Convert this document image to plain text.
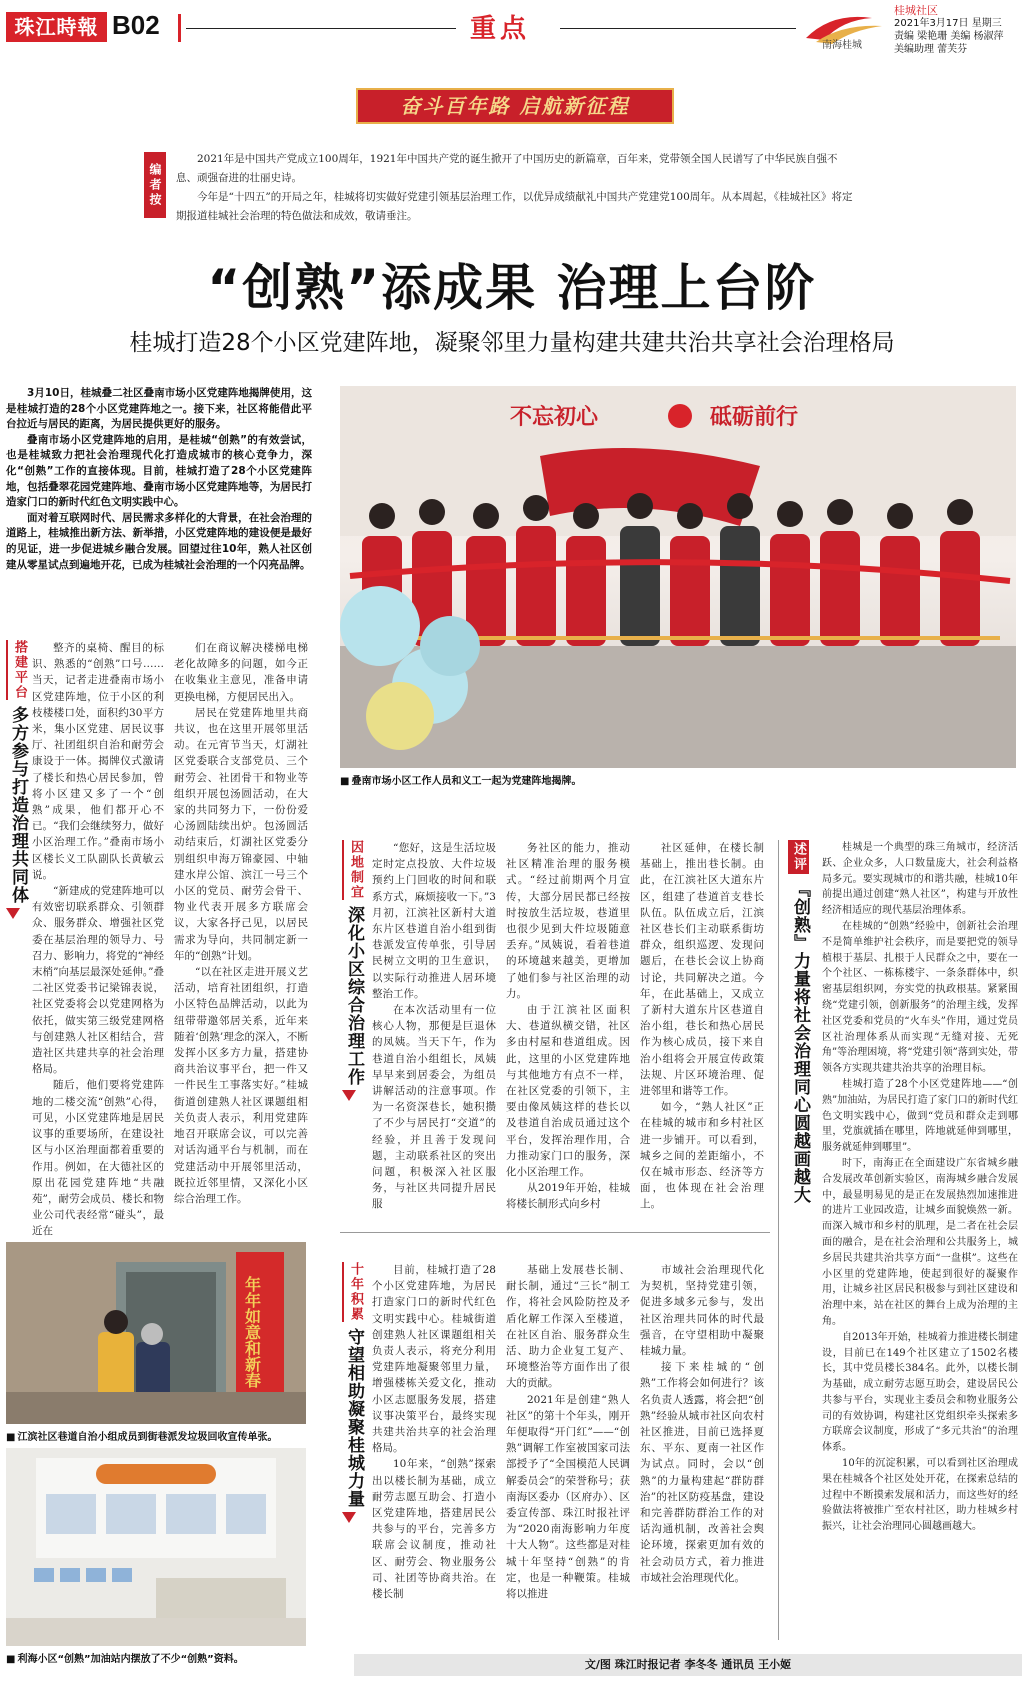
珠江時報 B02	重点
南海桂城
桂城社区
2021年3月17日 星期三
责编 梁艳珊 美编 杨淑萍
美编助理 蕾芙芬
奋斗百年路 启航新征程
编者按

2021年是中国共产党成立100周年，1921年中国共产党的诞生掀开了中国历史的新篇章，百年来，党带领全国人民谱写了中华民族自强不息、顽强奋进的壮丽史诗。

今年是“十四五”的开局之年，桂城将切实做好党建引领基层治理工作，以优异成绩献礼中国共产党建党100周年。从本周起，《桂城社区》将定期报道桂城社会治理的特色做法和成效，敬请垂注。

“创熟”添成果 治理上台阶
桂城打造28个小区党建阵地，凝聚邻里力量构建共建共治共享社会治理格局

3月10日，桂城叠二社区叠南市场小区党建阵地揭牌使用，这是桂城打造的28个小区党建阵地之一。接下来，社区将能借此平台拉近与居民的距离，为居民提供更好的服务。

叠南市场小区党建阵地的启用，是桂城“创熟”的有效尝试，也是桂城致力把社会治理现代化打造成城市的核心竞争力，深化“创熟”工作的直接体现。目前，桂城打造了28个小区党建阵地，包括叠翠花园党建阵地、叠南市场小区党建阵地等，为居民打造家门口的新时代红色文明实践中心。

面对着互联网时代、居民需求多样化的大背景，在社会治理的道路上，桂城推出新方法、新举措，小区党建阵地的建设便是最好的见证，进一步促进城乡融合发展。回望过往10年，熟人社区创建从零星试点到遍地开花，已成为桂城社会治理的一个闪亮品牌。

不忘初心	砥砺前行
■ 叠南市场小区工作人员和义工一起为党建阵地揭牌。
搭建平台
多方参与打造治理共同体

整齐的桌椅、醒目的标识、熟悉的“创熟”口号……当天，记者走进叠南市场小区党建阵地，位于小区的利枝楼楼口处，面积约30平方米，集小区党建、居民议事厅、社团组织自治和耐劳会康设于一体。揭牌仪式激请了楼长和热心居民参加，曾将小区建又多了一个“创熟”成果，他们都开心不已。“我们会继续努力，做好小区治理工作。”叠南市场小区楼长义工队副队长黄敏云说。

“新建成的党建阵地可以有效密切联系群众、引领群众、服务群众、增强社区党委在基层治理的领导力、号召力、影响力，将党的“神经末梢”向基层最深处延伸。”叠二社区党委书记梁锦表说，社区党委将会以党建网格为依托，做实第三级党建网格与创建熟人社区相结合，营造社区共建共享的社会治理格局。

随后，他们要将党建阵地的二楼交流“创熟”心得，可见，小区党建阵地是居民议事的重要场所，在建设社区与小区治理面都着重要的作用。例如，在大德社区的原出花园党建阵地“共融苑”，耐劳会成员、楼长和物业公司代表经常“碰头”，最近在

们在商议解决楼梯电梯老化故障多的问题，如今正在收集业主意见，准备申请更换电梯，方便居民出入。

居民在党建阵地里共商共议，也在这里开展邻里活动。在元宵节当天，灯湖社区党委联合支部党员、三个耐劳会、社团骨干和物业等组织开展包汤圆活动，在大家的共同努力下，一份份爱心汤圆陆续出炉。包汤圆活动结束后，灯湖社区党委分别组织申海万锦豪园、中轴建水岸公馆、滨江一号三个小区的党员、耐劳会骨干、物业代表开展多方联席会议，大家各抒己见，以居民需求为导向，共同制定新一年的“创熟”计划。

“以在社区走进开展义艺活动，培育社团组织，打造小区特色品牌活动，以此为纽带带邀邻居关系，近年来随着‘创熟’理念的深入，不断发挥小区多方力量，搭建协商共治议事平台，把一件又一件民生工事落实好。”桂城街道创建熟人社区课题组相关负责人表示，利用党建阵地召开联席会议，可以完善对话沟通平台与机制，而在党建活动中开展邻里活动，既拉近邻里情，又深化小区综合治理工作。

因地制宜
深化小区综合治理工作

“您好，这是生活垃圾定时定点投放、大件垃圾预约上门回收的时间和联系方式，麻烦接收一下。”3月初，江滨社区新村大道东片区巷道自治小组到街巷派发宣传单张，引导居民树立文明的卫生意识，以实际行动推进人居环境整治工作。

在本次活动里有一位核心人物，那便是巨退休的凤姨。当天下午，作为巷道自治小组组长，凤姨早早来到居委会，为组员讲解活动的注意事项。作为一名资深巷长，她积攒了不少与居民打“交道”的经验，并且善于发现问题，主动联系社区的突出问题，积极深入社区服务，与社区共同提升居民服

务社区的能力，推动社区精准治理的服务模式。“经过前期两个月宣传，大部分居民都已经按时按放生活垃圾，巷道里也很少见到大件垃圾随意丢弃。”凤姨说，看着巷道的环境越来越美，更增加了她们参与社区治理的动力。

由于江滨社区面积大、巷道纵横交错，社区多由村屋和巷道组成。因此，这里的小区党建阵地与其他地方有点不一样，在社区党委的引领下，主要由像凤姨这样的巷长以及巷道自治成员通过这个平台，发挥治理作用，合力推动家门口的服务，深化小区治理工作。

从2019年开始，桂城将楼长制形式向乡村

社区延伸，在楼长制基础上，推出巷长制。由此，在江滨社区大道东片区，组建了巷道首支巷长队伍。队伍成立后，江滨社区巷长们主动联系街坊群众，组织巡逻、发现问题后，在巷长会议上协商讨论，共同解决之道。今年，在此基础上，又成立了新村大道东片区巷道自治小组，巷长和热心居民作为核心成员，接下来自治小组将会开展宣传政策法规、片区环境治理、促进邻里和谐等工作。

如今，“熟人社区”正在桂城的城市和乡村社区进一步铺开。可以看到，城乡之间的差距缩小，不仅在城市形态、经济等方面，也体现在社会治理上。

年年如意和新春
■ 江滨社区巷道自治小组成员到街巷派发垃圾回收宣传单张。
■ 利海小区“创熟”加油站内摆放了不少“创熟”资料。
十年积累
守望相助凝聚桂城力量

目前，桂城打造了28个小区党建阵地，为居民打造家门口的新时代红色文明实践中心。桂城街道创建熟人社区课题组相关负责人表示，将充分利用党建阵地凝聚邻里力量，增强楼栋关爱文化，推动小区志愿服务发展，搭建议事决策平台，最终实现共建共治共享的社会治理格局。

10年来，“创熟”探索出以楼长制为基础，成立耐劳志愿互助会、打造小区党建阵地，搭建居民公共参与的平台，完善多方联席会议制度，推动社区、耐劳会、物业服务公司、社团等协商共治。在楼长制

基础上发展巷长制、耐长制，通过“三长”制工作，将社会风险防控及矛盾化解工作深入至楼道，在社区自治、服务群众生活、助力企业复工复产、环境整治等方面作出了很大的贡献。

2021年是创建“熟人社区”的第十个年头，刚开年便取得“开门红”——“创熟”调解工作室被国家司法部授予了“全国模范人民调解委员会”的荣誉称号；获南海区委办（区府办）、区委宣传部、珠江时报社评为“2020南海影响力年度十大人物”。这些都是对桂城十年坚持“创熟”的肯定，也是一种鞭策。桂城将以推进

市域社会治理现代化为契机，坚持党建引领，促进多域多元参与，发出社区治理共同体的时代最强音，在守望相助中凝聚桂城力量。

接下来桂城的“创熟”工作将会如何进行？该名负责人透露，将会把“创熟”经验从城市社区向农村社区推进，目前已选择夏东、平东、夏南一社区作为试点。同时，会以“创熟”的力量构建起“群防群治”的社区防疫基盘，建设和完善群防群治工作的对话沟通机制，改善社会舆论环境，探索更加有效的社会动员方式，着力推进市域社会治理现代化。

述评
『创熟』力量将社会治理同心圆越画越大

桂城是一个典型的珠三角城市，经济活跃、企业众多，人口数量庞大，社会利益格局多元。要实现城市的和谐共融，桂城10年前提出通过创建“熟人社区”，构建与开放性经济相适应的现代基层治理体系。

在桂城的“创熟”经验中，创新社会治理不是简单维护社会秩序，而是要把党的领导植根于基层、扎根于人民群众之中，要在一个个社区、一栋栋楼宇、一条条群体中，织密基层组织网，夯实党的执政根基。紧紧围绕“党建引领，创新服务”的治理主线，发挥社区党委和党员的“火车头”作用，通过党员区社治理体系从而实现“无缝对接、无死角”等治理困境，将“党建引领”落到实处，带领各方实现共建共治共享的治理目标。

桂城打造了28个小区党建阵地——“创熟”加油站，为居民打造了家门口的新时代红色文明实践中心，做到“党员和群众走到哪里，党旗就插在哪里，阵地就延伸到哪里，服务就延伸到哪里”。

时下，南海正在全面建设广东省城乡融合发展改革创新实验区，南海城乡融合发展中，最显明易见的是正在发展热烈加速推进的进片工业园改造，让城乡面貌焕然一新。而深入城市和乡村的肌理，是二者在社会层面的融合，是在社会治理和公共服务上，城乡居民共建共治共享方面“一盘棋”。这些在小区里的党建阵地，使起到很好的凝聚作用，让城乡社区居民积极参与到社区建设和治理中来，站在社区的舞台上成为治理的主角。

自2013年开始，桂城着力推进楼长制建设，目前已在149个社区建立了1502名楼长，其中党员楼长384名。此外，以楼长制为基础，成立耐劳志愿互助会，建设居民公共参与平台，实现业主委员会和物业服务公司的有效协调，构建社区党组织牵头探索多方联席会议制度，形成了“多元共治”的治理体系。

10年的沉淀积累，可以看到社区治理成果在桂城各个社区处处开花，在探索总结的过程中不断摸索发展和活力，而这些好的经验做法将被推广至农村社区，助力桂城乡村振兴，让社会治理同心圆越画越大。

文/图 珠江时报记者 李冬冬 通讯员 王小姬
